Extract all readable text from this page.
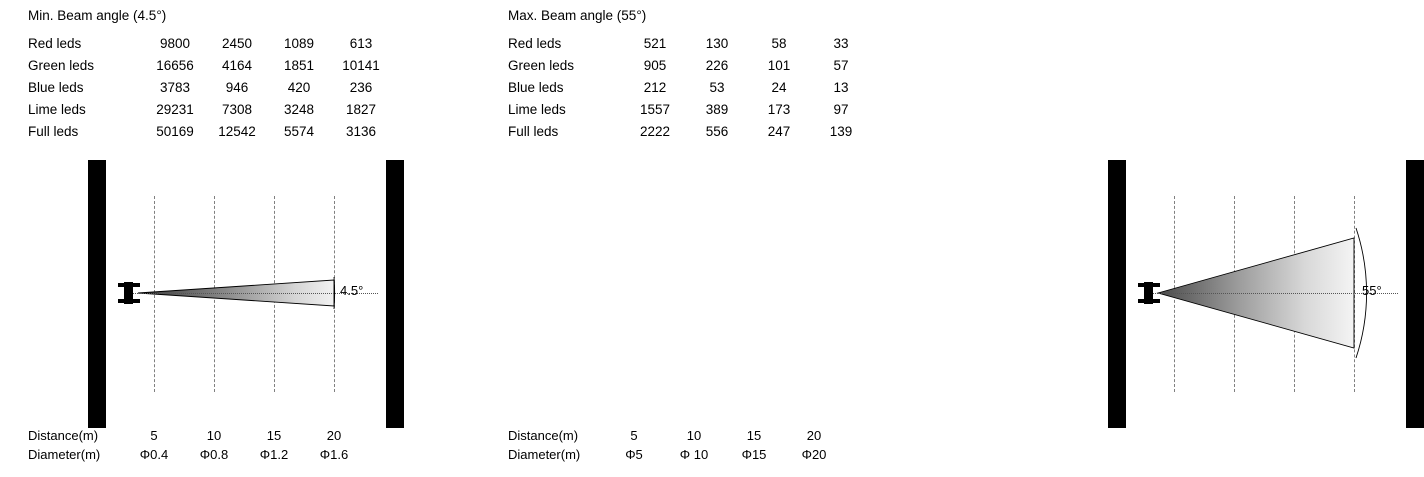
Min. Beam angle (4.5°)
Red leds	9800	2450	1089	613
Green leds	16656	4164	1851	10141
Blue leds	3783	946	420	236
Lime leds	29231	7308	3248	1827
Full leds	50169	12542	5574	3136
4.5°
Distance(m)	5	10	15	20
Diameter(m)	Φ0.4	Φ0.8	Φ1.2	Φ1.6
Max. Beam angle (55°)
Red leds	521	130	58	33
Green leds	905	226	101	57
Blue leds	212	53	24	13
Lime leds	1557	389	173	97
Full leds	2222	556	247	139
55°
Distance(m)	5	10	15	20
Diameter(m)	Φ5	Φ 10	Φ15	Φ20
